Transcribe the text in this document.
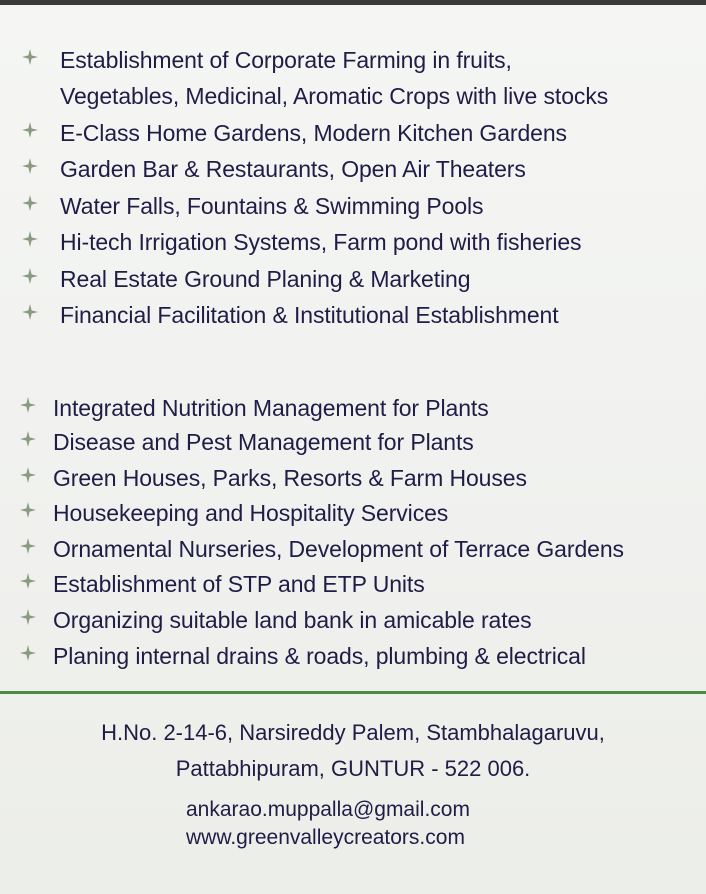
Establishment of Corporate Farming in fruits,
Vegetables, Medicinal, Aromatic Crops with live stocks
E-Class Home Gardens, Modern Kitchen Gardens
Garden Bar & Restaurants, Open Air Theaters
Water Falls, Fountains & Swimming Pools
Hi-tech Irrigation Systems, Farm pond with fisheries
Real Estate Ground Planing & Marketing
Financial Facilitation & Institutional Establishment
Integrated Nutrition Management for Plants
Disease and Pest Management for Plants
Green Houses, Parks, Resorts & Farm Houses
Housekeeping and Hospitality Services
Ornamental Nurseries, Development of Terrace Gardens
Establishment of STP and ETP Units
Organizing suitable land bank in amicable rates
Planing internal drains & roads, plumbing & electrical
H.No. 2-14-6, Narsireddy Palem, Stambhalagaruvu,
Pattabhipuram, GUNTUR - 522 006.
ankarao.muppalla@gmail.com
www.greenvalleycreators.com
